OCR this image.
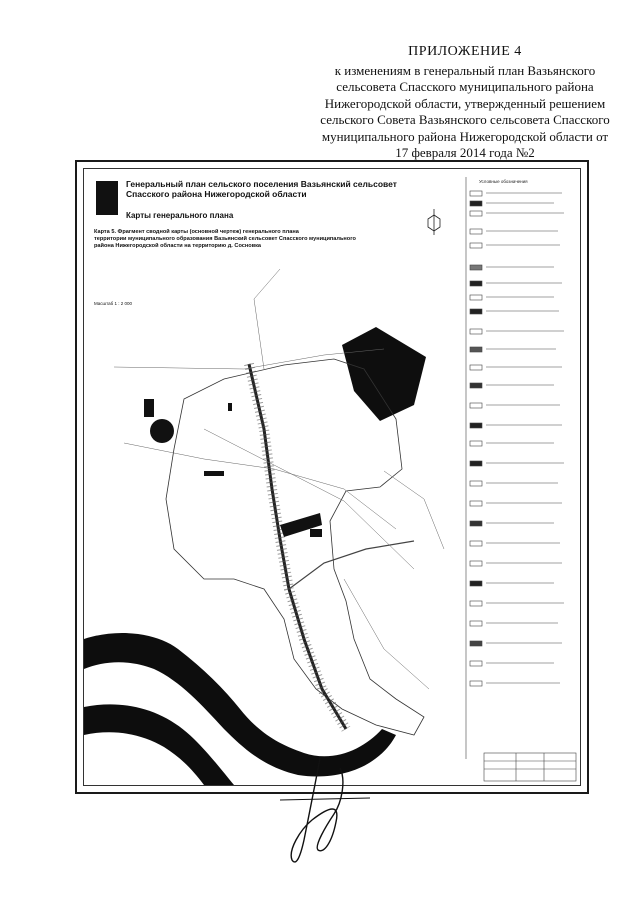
ПРИЛОЖЕНИЕ 4
к изменениям в генеральный план Вазьянского
сельсовета Спасского муниципального района
Нижегородской области, утвержденный решением
сельского Совета Вазьянского сельсовета Спасского
муниципального района Нижегородской области от
17 февраля 2014 года №2
Генеральный план сельского поселения Вазьянский сельсовет
Спасского района Нижегородской области
Карты генерального плана
Карта 5. Фрагмент сводной карты (основной чертеж) генерального плана
территории муниципального образования Вазьянский сельсовет Спасского муниципального
района Нижегородской области на территорию д. Сосновка
Масштаб 1 : 2 000
Условные обозначения
